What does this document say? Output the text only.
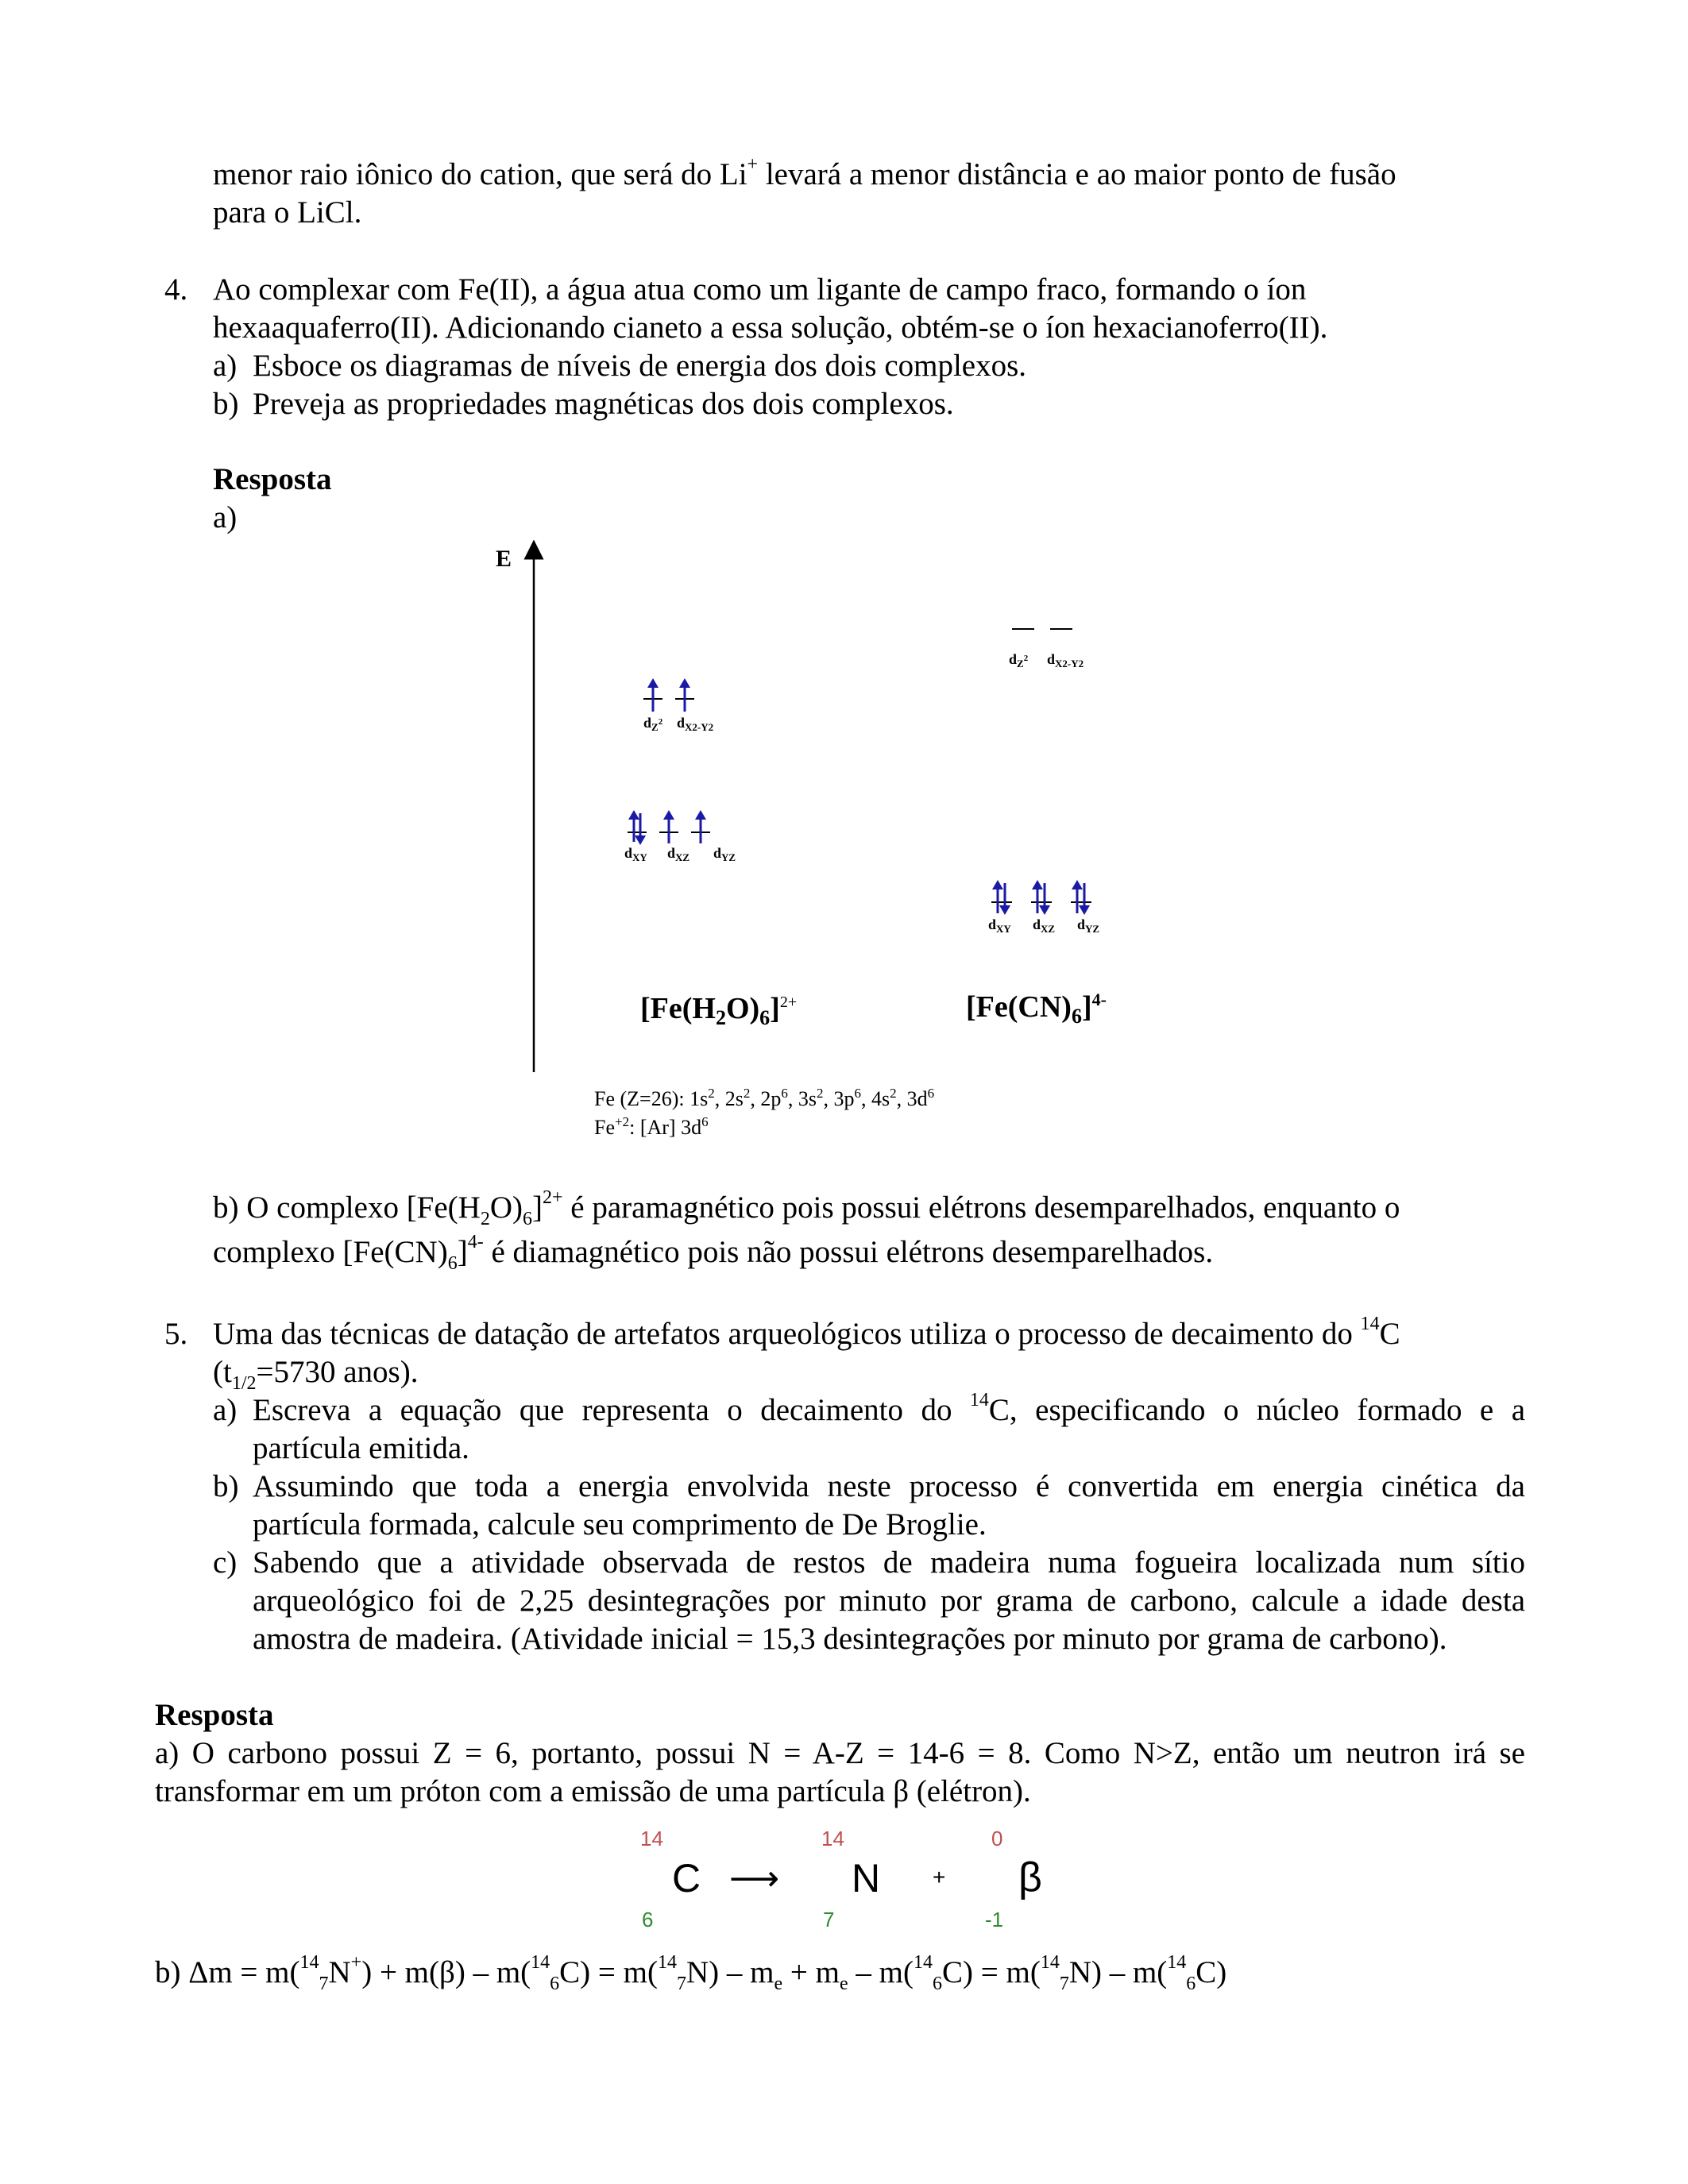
menor raio iônico do cation, que será do Li+ levará a menor distância e ao maior ponto de fusão
para o LiCl.
4. Ao complexar com Fe(II), a água atua como um ligante de campo fraco, formando o íon
hexaaquaferro(II). Adicionando cianeto a essa solução, obtém-se o íon hexacianoferro(II).
a) Esboce os diagramas de níveis de energia dos dois complexos.
b) Preveja as propriedades magnéticas dos dois complexos.
Resposta
a)
E
$d_Z^2$ $d_{X2-Y2}$
$d_{XY}$ $d_{XZ}$ $d_{YZ}$
$d_Z^2$ $d_{X2-Y2}$
$d_{XY}$ $d_{XZ}$ $d_{YZ}$
$[Fe(H_2O)_6]^{2+}$	$[Fe(CN)_6]^{4-}$
Fe (Z=26): $1s^2$, $2s^2$, $2p^6$, $3s^2$, $3p^6$, $4s^2$, $3d^6$
$Fe^{+2}$: [Ar] $3d^6$
b) O complexo $[Fe(H_2O)_6]^{2+}$ é paramagnético pois possui elétrons desemparelhados, enquanto o
complexo $[Fe(CN)_6]^{4-}$ é diamagnético pois não possui elétrons desemparelhados.
5. Uma das técnicas de datação de artefatos arqueológicos utiliza o processo de decaimento do $^{14}$C
($t_{1/2}=5730$ anos).
a) Escreva a equação que representa o decaimento do $^{14}$C, especificando o núcleo formado e a
partícula emitida.
b) Assumindo que toda a energia envolvida neste processo é convertida em energia cinética da
partícula formada, calcule seu comprimento de De Broglie.
c) Sabendo que a atividade observada de restos de madeira numa fogueira localizada num sítio
arqueológico foi de 2,25 desintegrações por minuto por grama de carbono, calcule a idade desta
amostra de madeira. (Atividade inicial = 15,3 desintegrações por minuto por grama de carbono).
Resposta
a) O carbono possui Z = 6, portanto, possui N = A-Z = 14-6 = 8. Como N>Z, então um neutron irá se
transformar em um próton com a emissão de uma partícula β (elétron).
14
C
6
⟶
14
N
7
+
0
β
-1
b) $\Delta m = m(^{14}_7N^+) + m(\beta) - m(^{14}_6C) = m(^{14}_7N) - m_e + m_e - m(^{14}_6C) = m(^{14}_7N) - m(^{14}_6C)$
